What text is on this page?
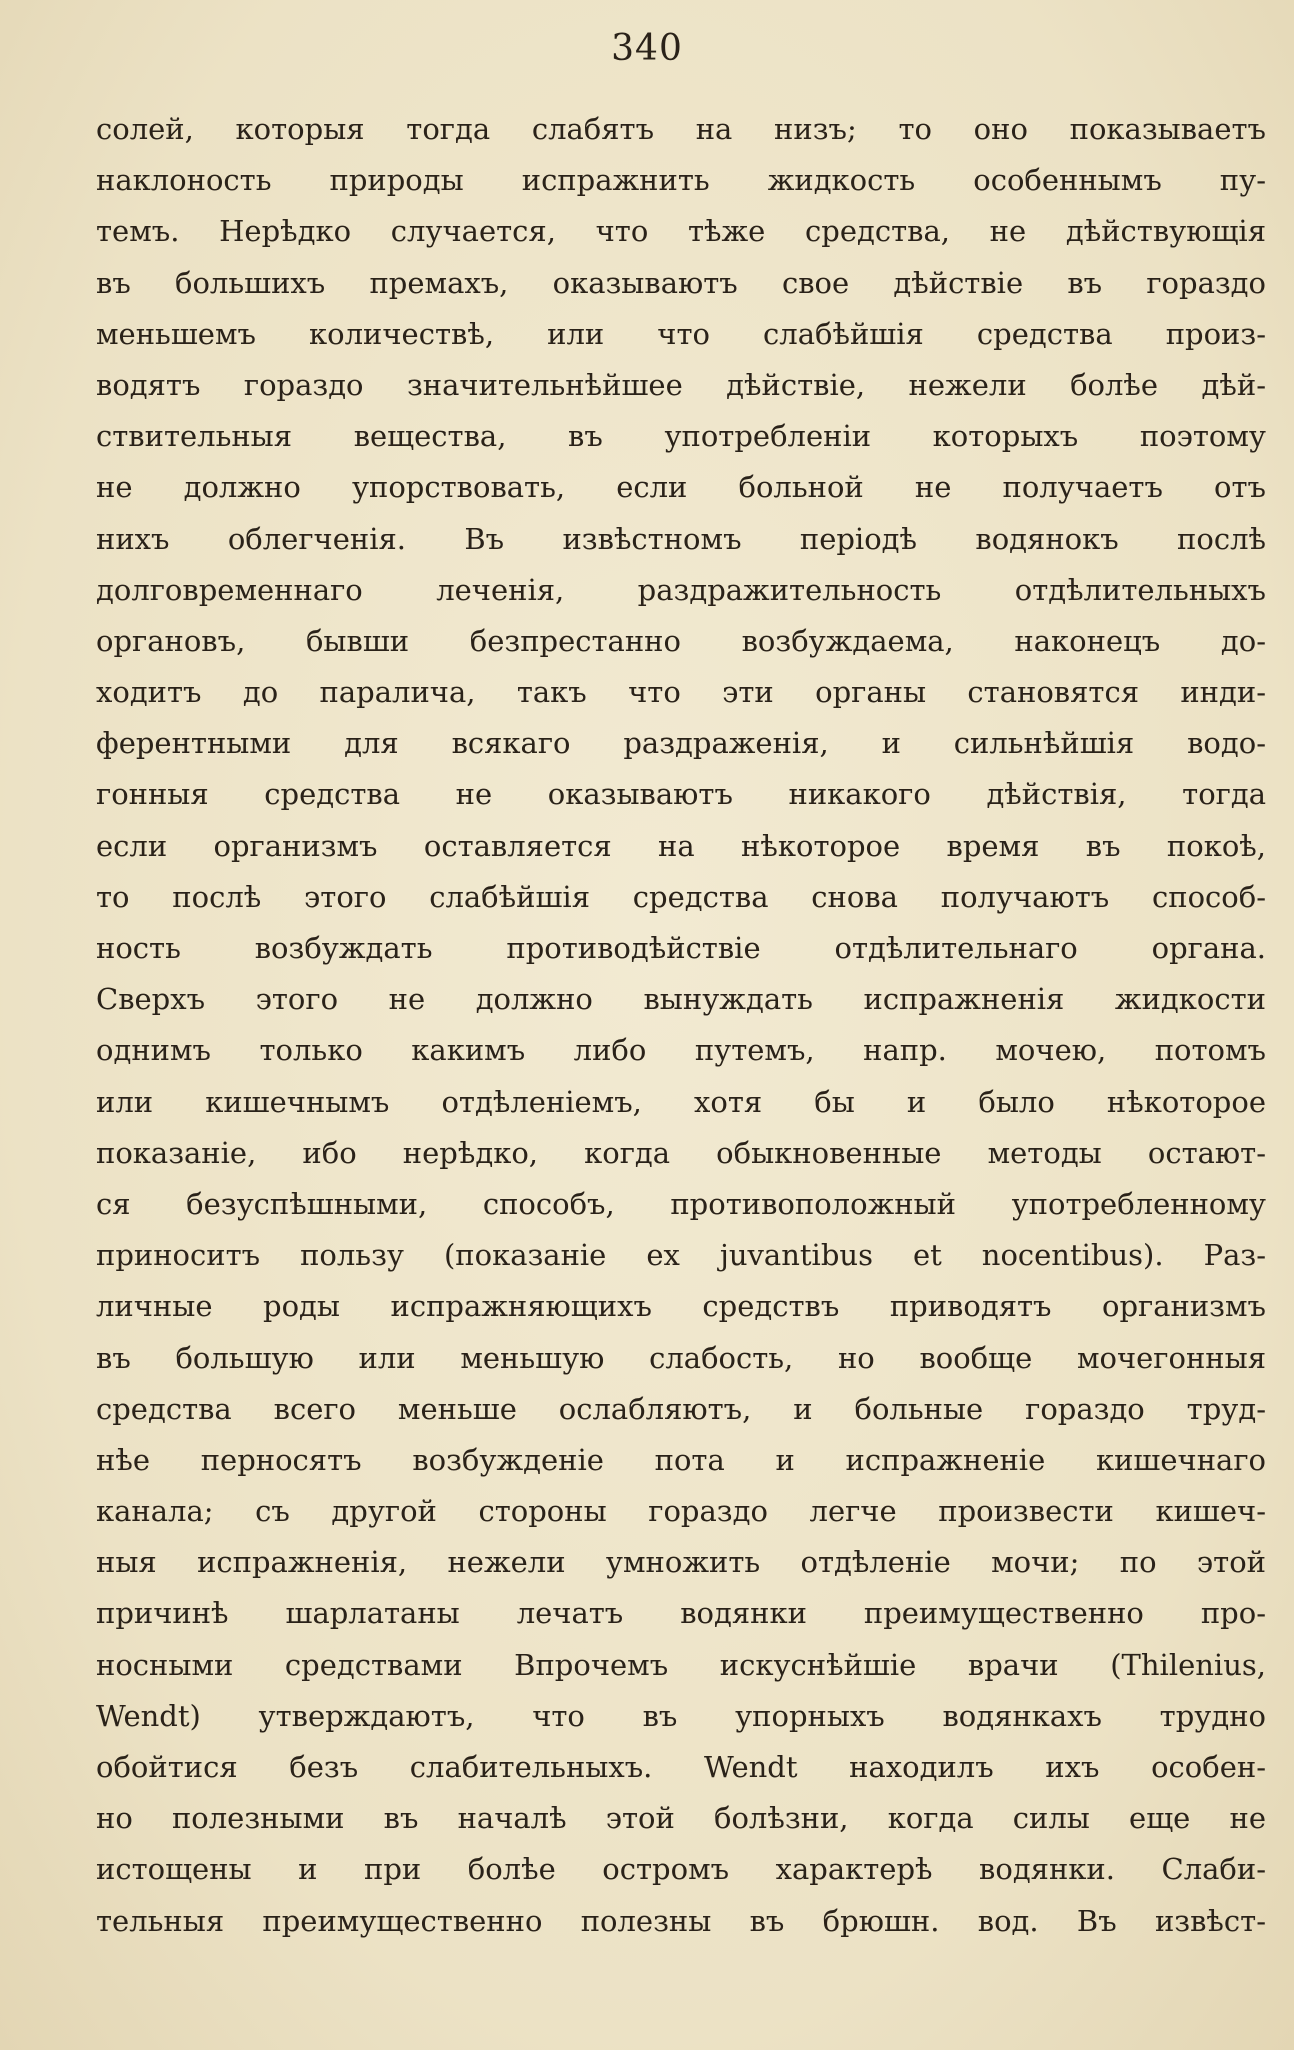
340
солей, которыя тогда слабятъ на низъ; то оно показываетъ
наклоность природы испражнить жидкость особеннымъ пу-
темъ. Нерѣдко случается, что тѣже средства, не дѣйствующія
въ большихъ премахъ, оказываютъ свое дѣйствіе въ гораздо
меньшемъ количествѣ, или что слабѣйшія средства произ-
водятъ гораздо значительнѣйшее дѣйствіе, нежели болѣе дѣй-
ствительныя вещества, въ употребленіи которыхъ поэтому
не должно упорствовать, если больной не получаетъ отъ
нихъ облегченія. Въ извѣстномъ періодѣ водянокъ послѣ
долговременнаго леченія, раздражительность отдѣлительныхъ
органовъ, бывши безпрестанно возбуждаема, наконецъ до-
ходитъ до паралича, такъ что эти органы становятся инди-
ферентными для всякаго раздраженія, и сильнѣйшія водо-
гонныя средства не оказываютъ никакого дѣйствія, тогда
если организмъ оставляется на нѣкоторое время въ покоѣ,
то послѣ этого слабѣйшія средства снова получаютъ способ-
ность возбуждать противодѣйствіе отдѣлительнаго органа.
Сверхъ этого не должно вынуждать испражненія жидкости
однимъ только какимъ либо путемъ, напр. мочею, потомъ
или кишечнымъ отдѣленіемъ, хотя бы и было нѣкоторое
показаніе, ибо нерѣдко, когда обыкновенные методы остают-
ся безуспѣшными, способъ, противоположный употребленному
приноситъ пользу (показаніе ex juvantibus et nocentibus). Раз-
личные роды испражняющихъ средствъ приводятъ организмъ
въ большую или меньшую слабость, но вообще мочегонныя
средства всего меньше ослабляютъ, и больные гораздо труд-
нѣе перносятъ возбужденіе пота и испражненіе кишечнаго
канала; съ другой стороны гораздо легче произвести кишеч-
ныя испражненія, нежели умножить отдѣленіе мочи; по этой
причинѣ шарлатаны лечатъ водянки преимущественно про-
носными средствами Впрочемъ искуснѣйшіе врачи (Thilenius,
Wendt) утверждаютъ, что въ упорныхъ водянкахъ трудно
обойтися безъ слабительныхъ. Wendt находилъ ихъ особен-
но полезными въ началѣ этой болѣзни, когда силы еще не
истощены и при болѣе остромъ характерѣ водянки. Слаби-
тельныя преимущественно полезны въ брюшн. вод. Въ извѣст-
